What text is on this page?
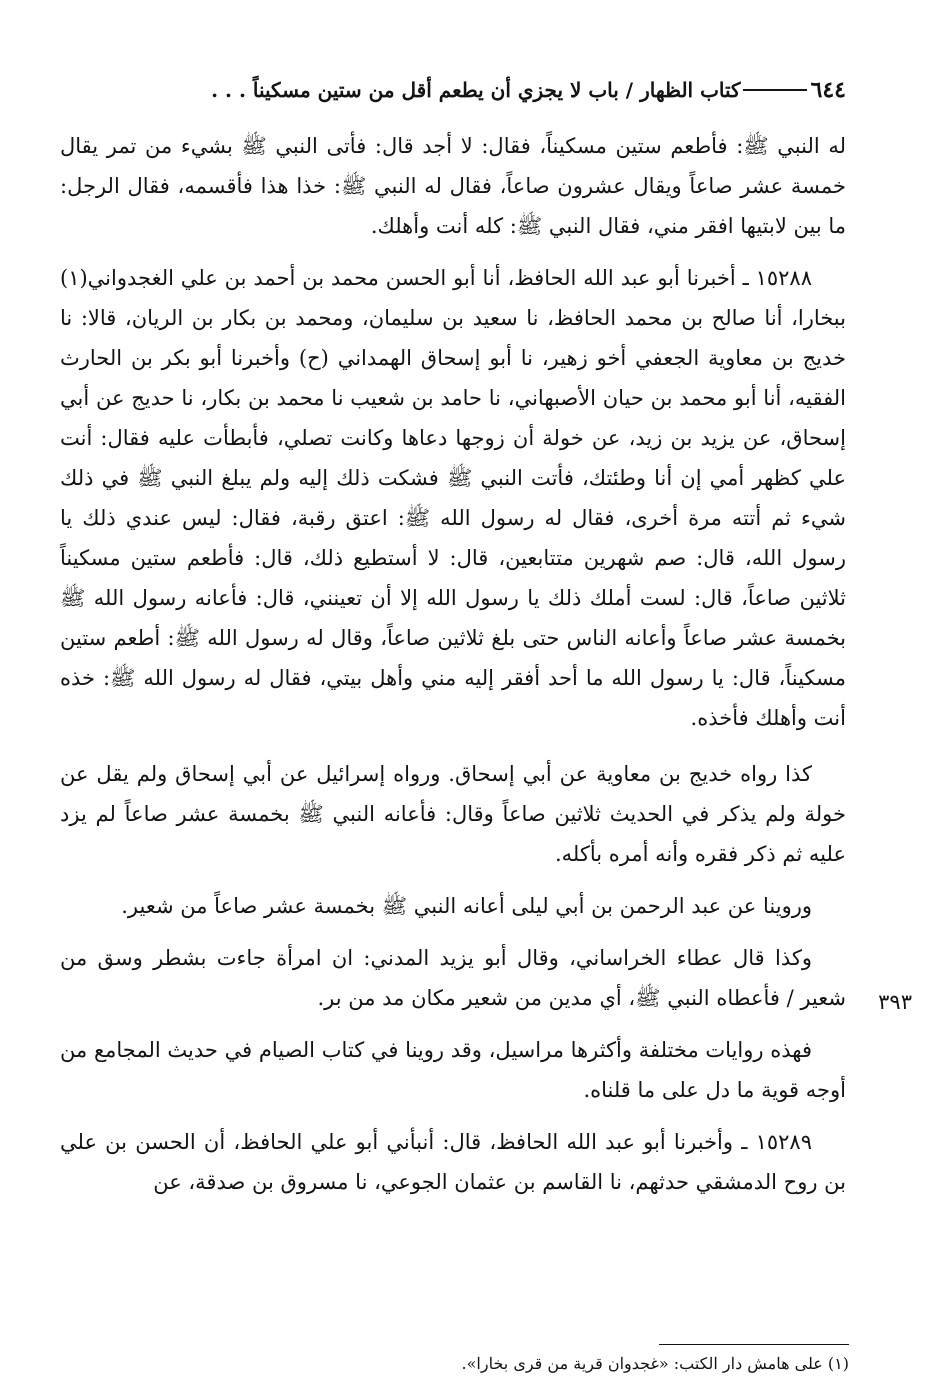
٦٤٤
كتاب الظهار / باب لا يجزي أن يطعم أقل من ستين مسكيناً . . .

له النبي ﷺ: فأطعم ستين مسكيناً، فقال: لا أجد قال: فأتى النبي ﷺ بشيء من تمر يقال خمسة عشر صاعاً ويقال عشرون صاعاً، فقال له النبي ﷺ: خذا هذا فأقسمه، فقال الرجل: ما بين لابتيها افقر مني، فقال النبي ﷺ: كله أنت وأهلك.

١٥٢٨٨ ـ أخبرنا أبو عبد الله الحافظ، أنا أبو الحسن محمد بن أحمد بن علي الغجدواني(١) ببخارا، أنا صالح بن محمد الحافظ، نا سعيد بن سليمان، ومحمد بن بكار بن الريان، قالا: نا خديج بن معاوية الجعفي أخو زهير، نا أبو إسحاق الهمداني (ح) وأخبرنا أبو بكر بن الحارث الفقيه، أنا أبو محمد بن حيان الأصبهاني، نا حامد بن شعيب نا محمد بن بكار، نا حديج عن أبي إسحاق، عن يزيد بن زيد، عن خولة أن زوجها دعاها وكانت تصلي، فأبطأت عليه فقال: أنت علي كظهر أمي إن أنا وطئتك، فأتت النبي ﷺ فشكت ذلك إليه ولم يبلغ النبي ﷺ في ذلك شيء ثم أتته مرة أخرى، فقال له رسول الله ﷺ: اعتق رقبة، فقال: ليس عندي ذلك يا رسول الله، قال: صم شهرين متتابعين، قال: لا أستطيع ذلك، قال: فأطعم ستين مسكيناً ثلاثين صاعاً، قال: لست أملك ذلك يا رسول الله إلا أن تعينني، قال: فأعانه رسول الله ﷺ بخمسة عشر صاعاً وأعانه الناس حتى بلغ ثلاثين صاعاً، وقال له رسول الله ﷺ: أطعم ستين مسكيناً، قال: يا رسول الله ما أحد أفقر إليه مني وأهل بيتي، فقال له رسول الله ﷺ: خذه أنت وأهلك فأخذه.

كذا رواه خديج بن معاوية عن أبي إسحاق. ورواه إسرائيل عن أبي إسحاق ولم يقل عن خولة ولم يذكر في الحديث ثلاثين صاعاً وقال: فأعانه النبي ﷺ بخمسة عشر صاعاً لم يزد عليه ثم ذكر فقره وأنه أمره بأكله.

وروينا عن عبد الرحمن بن أبي ليلى أعانه النبي ﷺ بخمسة عشر صاعاً من شعير.

٣٩٣

وكذا قال عطاء الخراساني، وقال أبو يزيد المدني: ان امرأة جاءت بشطر وسق من شعير / فأعطاه النبي ﷺ، أي مدين من شعير مكان مد من بر.

فهذه روايات مختلفة وأكثرها مراسيل، وقد روينا في كتاب الصيام في حديث المجامع من أوجه قوية ما دل على ما قلناه.

١٥٢٨٩ ـ وأخبرنا أبو عبد الله الحافظ، قال: أنبأني أبو علي الحافظ، أن الحسن بن علي بن روح الدمشقي حدثهم، نا القاسم بن عثمان الجوعي، نا مسروق بن صدقة، عن

(١) على هامش دار الكتب: «غجدوان قرية من قرى بخارا».
